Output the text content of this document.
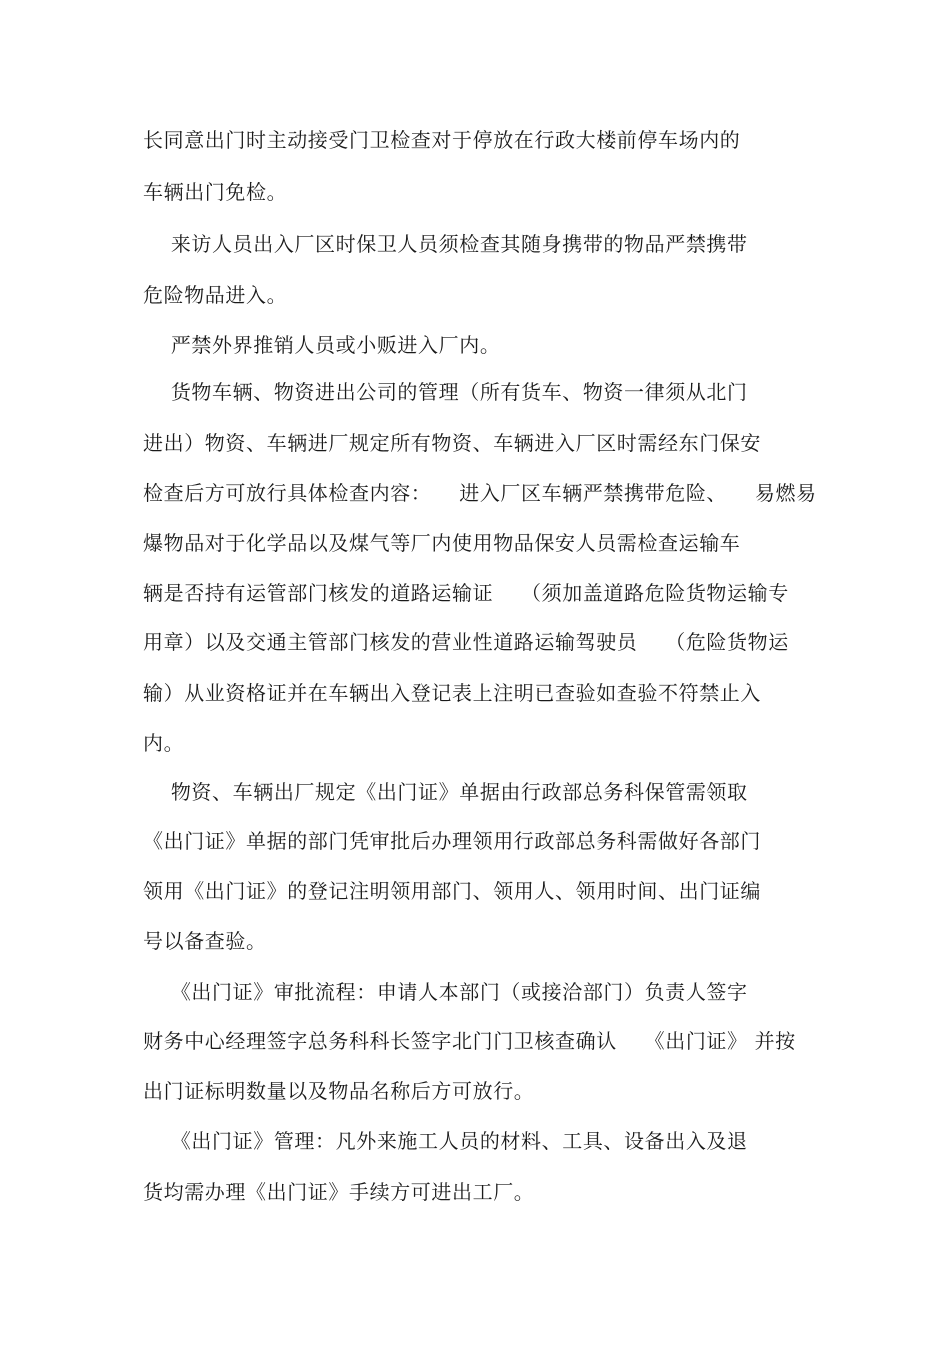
长同意出门时主动接受门卫检查对于停放在行政大楼前停车场内的
车辆出门免检。
来访人员出入厂区时保卫人员须检查其随身携带的物品严禁携带
危险物品进入。
严禁外界推销人员或小贩进入厂内。
货物车辆、物资进出公司的管理（所有货车、物资一律须从北门
进出）物资、车辆进厂规定所有物资、车辆进入厂区时需经东门保安
检查后方可放行具体检查内容：    进入厂区车辆严禁携带危险、    易燃易
爆物品对于化学品以及煤气等厂内使用物品保安人员需检查运输车
辆是否持有运管部门核发的道路运输证    （须加盖道路危险货物运输专
用章）以及交通主管部门核发的营业性道路运输驾驶员    （危险货物运
输）从业资格证并在车辆出入登记表上注明已查验如查验不符禁止入
内。
物资、车辆出厂规定《出门证》单据由行政部总务科保管需领取
《出门证》单据的部门凭审批后办理领用行政部总务科需做好各部门
领用《出门证》的登记注明领用部门、领用人、领用时间、出门证编
号以备查验。
《出门证》审批流程：申请人本部门（或接洽部门）负责人签字
财务中心经理签字总务科科长签字北门门卫核查确认    《出门证》 并按
出门证标明数量以及物品名称后方可放行。
《出门证》管理：凡外来施工人员的材料、工具、设备出入及退
货均需办理《出门证》手续方可进出工厂。
